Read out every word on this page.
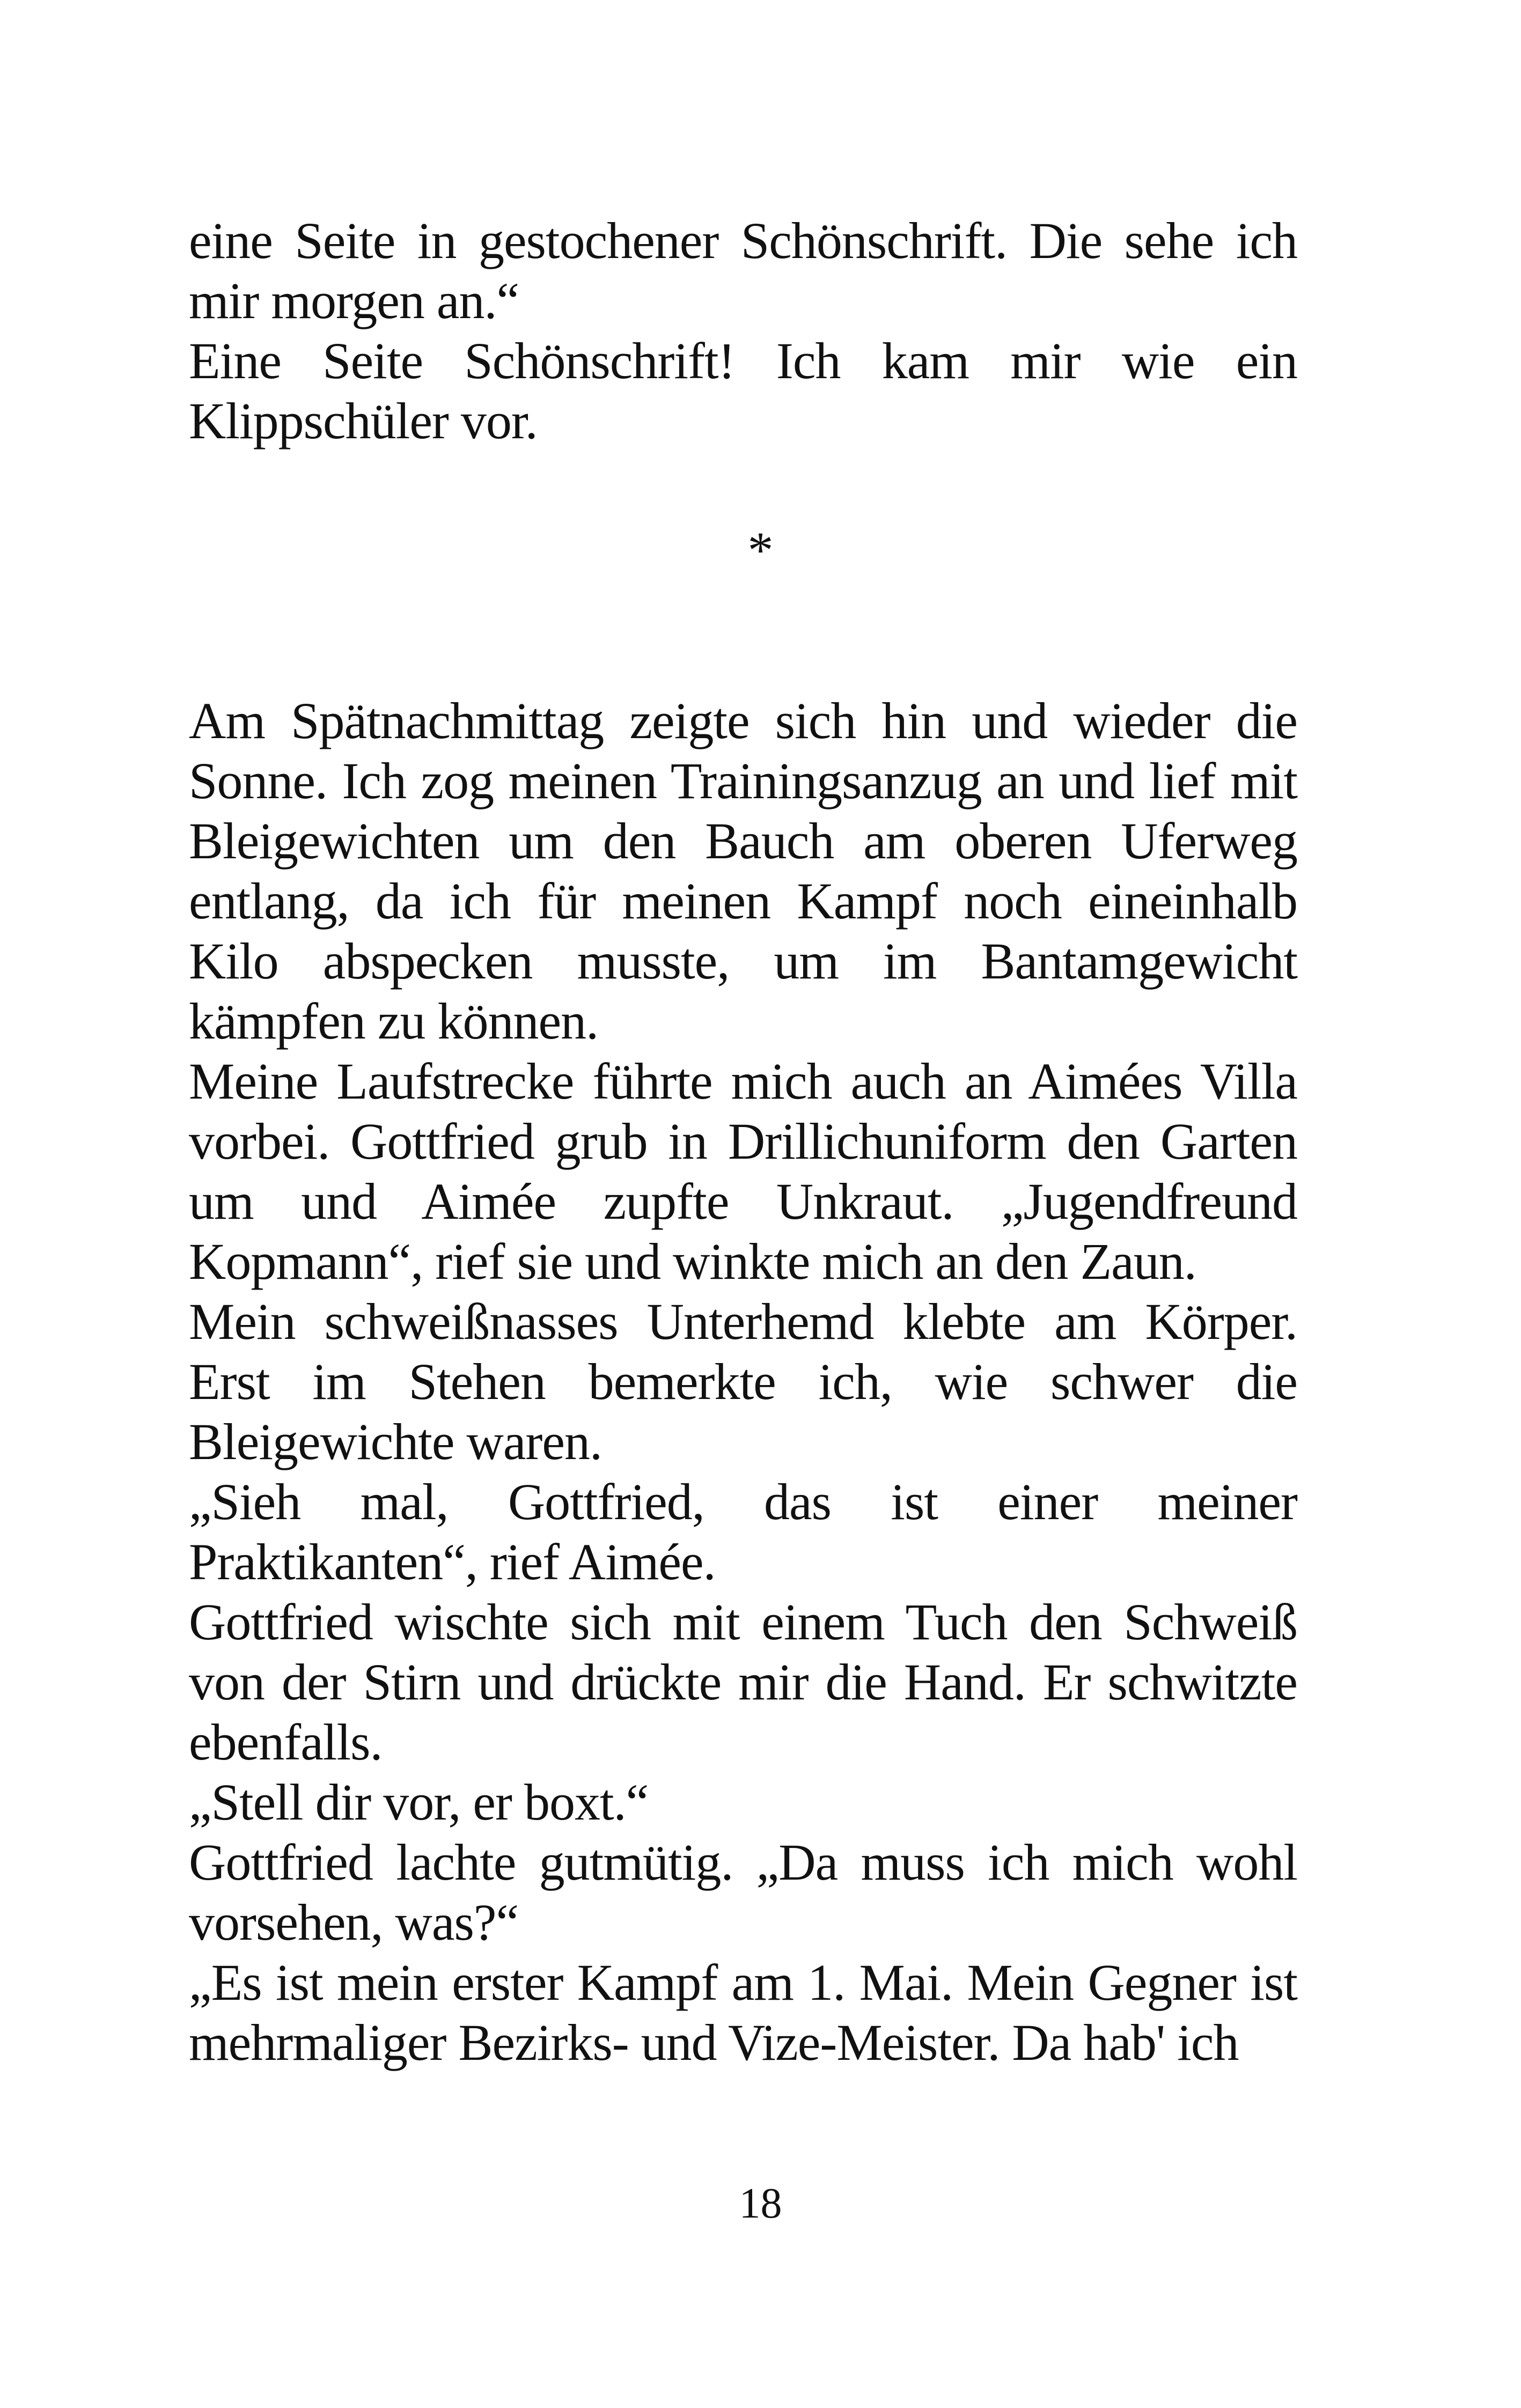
eine Seite in gestochener Schönschrift. Die sehe ich mir morgen an.“

Eine Seite Schönschrift! Ich kam mir wie ein Klippschüler vor.

*

Am Spätnachmittag zeigte sich hin und wieder die Sonne. Ich zog meinen Trainingsanzug an und lief mit Bleigewichten um den Bauch am oberen Uferweg entlang, da ich für meinen Kampf noch eineinhalb Kilo abspecken musste, um im Bantamgewicht kämpfen zu können.

Meine Laufstrecke führte mich auch an Aimées Villa vorbei. Gottfried grub in Drillichuniform den Garten um und Aimée zupfte Unkraut. „Jugendfreund Kopmann“, rief sie und winkte mich an den Zaun.

Mein schweißnasses Unterhemd klebte am Körper. Erst im Stehen bemerkte ich, wie schwer die Bleigewichte waren.

„Sieh mal, Gottfried, das ist einer meiner Praktikanten“, rief Aimée.

Gottfried wischte sich mit einem Tuch den Schweiß von der Stirn und drückte mir die Hand. Er schwitzte ebenfalls.

„Stell dir vor, er boxt.“

Gottfried lachte gutmütig. „Da muss ich mich wohl vorsehen, was?“

„Es ist mein erster Kampf am 1. Mai. Mein Gegner ist mehrmaliger Bezirks- und Vize-Meister. Da hab' ich

18
